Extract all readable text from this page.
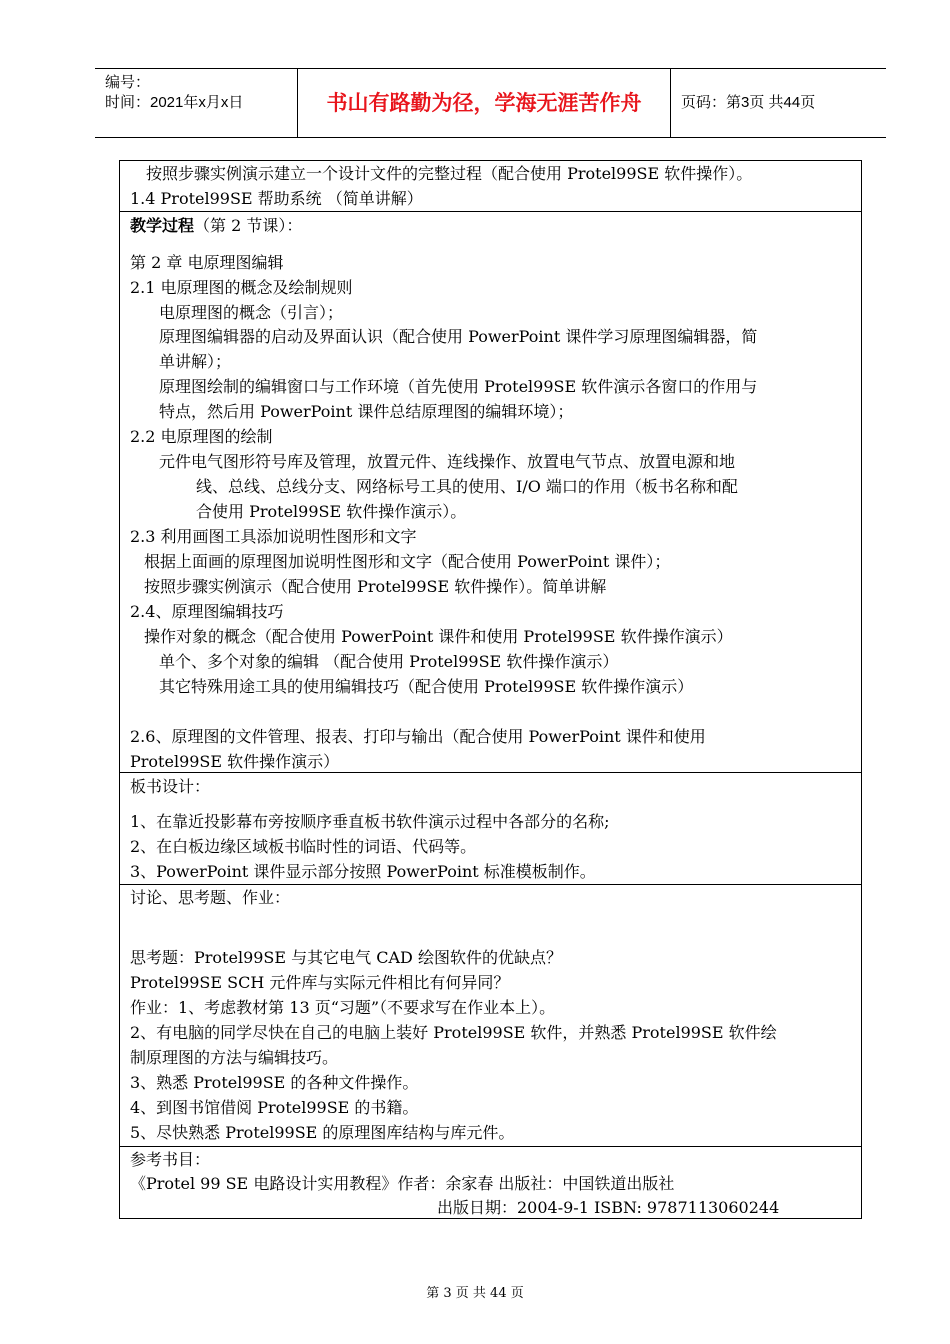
编号：
时间：2021年x月x日	书山有路勤为径，学海无涯苦作舟	页码：第3页 共44页
按照步骤实例演示建立一个设计文件的完整过程（配合使用 Protel99SE 软件操作）。
1.4 Protel99SE 帮助系统 （简单讲解）
教学过程（第 2 节课）：
第 2 章 电原理图编辑
2.1 电原理图的概念及绘制规则
电原理图的概念（引言）；
原理图编辑器的启动及界面认识（配合使用 PowerPoint 课件学习原理图编辑器，简
单讲解）；
原理图绘制的编辑窗口与工作环境（首先使用 Protel99SE 软件演示各窗口的作用与
特点，然后用 PowerPoint 课件总结原理图的编辑环境）；
2.2 电原理图的绘制
元件电气图形符号库及管理，放置元件、连线操作、放置电气节点、放置电源和地
线、总线、总线分支、网络标号工具的使用、I/O 端口的作用（板书名称和配
合使用 Protel99SE 软件操作演示）。
2.3 利用画图工具添加说明性图形和文字
根据上面画的原理图加说明性图形和文字（配合使用 PowerPoint 课件）；
按照步骤实例演示（配合使用 Protel99SE 软件操作）。简单讲解
2.4、原理图编辑技巧
操作对象的概念（配合使用 PowerPoint 课件和使用 Protel99SE 软件操作演示）
单个、多个对象的编辑 （配合使用 Protel99SE 软件操作演示）
其它特殊用途工具的使用编辑技巧（配合使用 Protel99SE 软件操作演示）
2.6、原理图的文件管理、报表、打印与输出（配合使用 PowerPoint 课件和使用
Protel99SE 软件操作演示）
板书设计：
1、在靠近投影幕布旁按顺序垂直板书软件演示过程中各部分的名称;
2、在白板边缘区域板书临时性的词语、代码等。
3、PowerPoint 课件显示部分按照 PowerPoint 标准模板制作。
讨论、思考题、作业：
思考题：Protel99SE 与其它电气 CAD 绘图软件的优缺点？
Protel99SE SCH 元件库与实际元件相比有何异同？
作业：1、考虑教材第 13 页“习题”（不要求写在作业本上）。
2、有电脑的同学尽快在自己的电脑上装好 Protel99SE 软件，并熟悉 Protel99SE 软件绘
制原理图的方法与编辑技巧。
3、熟悉 Protel99SE 的各种文件操作。
4、到图书馆借阅 Protel99SE 的书籍。
5、尽快熟悉 Protel99SE 的原理图库结构与库元件。
参考书目：
《Protel 99 SE 电路设计实用教程》作者：余家春 出版社：中国铁道出版社
出版日期：2004-9-1 ISBN: 9787113060244
第 3 页 共 44 页
